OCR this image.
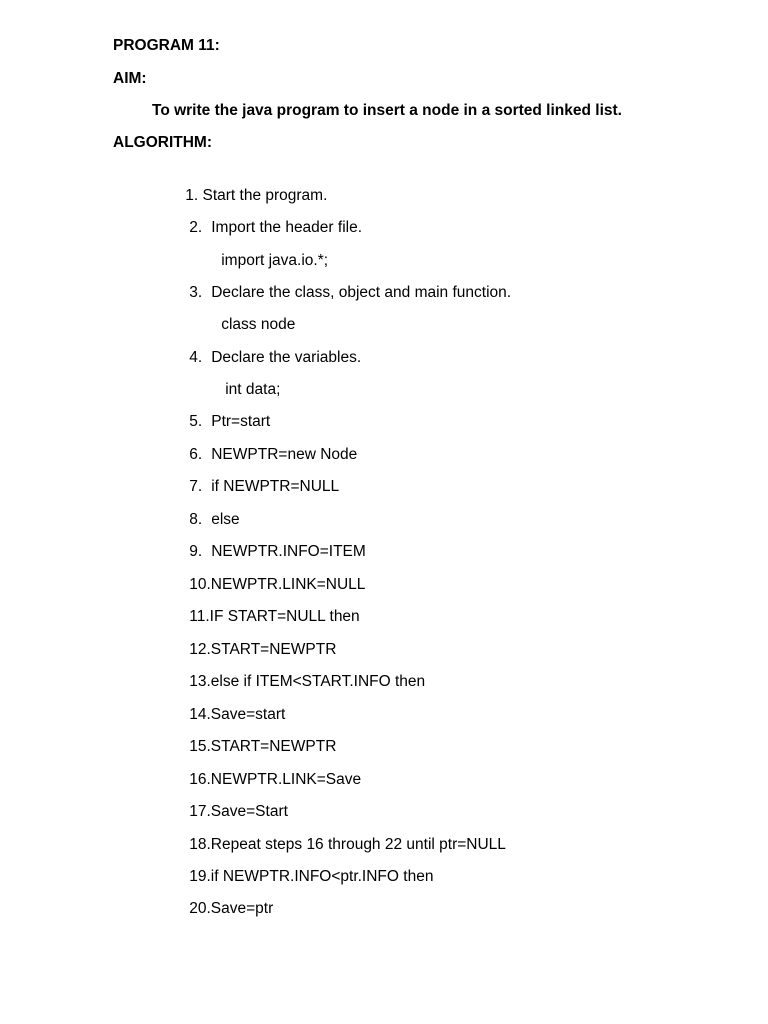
PROGRAM 11:
AIM:
To write the java program to insert a node in a sorted linked list.
ALGORITHM:

1. Start the program.

2. Import the header file.

import java.io.*;

3. Declare the class, object and main function.

class node

4. Declare the variables.

int data;

5. Ptr=start

6. NEWPTR=new Node

7. if NEWPTR=NULL

8. else

9. NEWPTR.INFO=ITEM

10.NEWPTR.LINK=NULL

11.IF START=NULL then

12.START=NEWPTR

13.else if ITEM<START.INFO then

14.Save=start

15.START=NEWPTR

16.NEWPTR.LINK=Save

17.Save=Start

18.Repeat steps 16 through 22 until ptr=NULL

19.if NEWPTR.INFO<ptr.INFO then

20.Save=ptr
